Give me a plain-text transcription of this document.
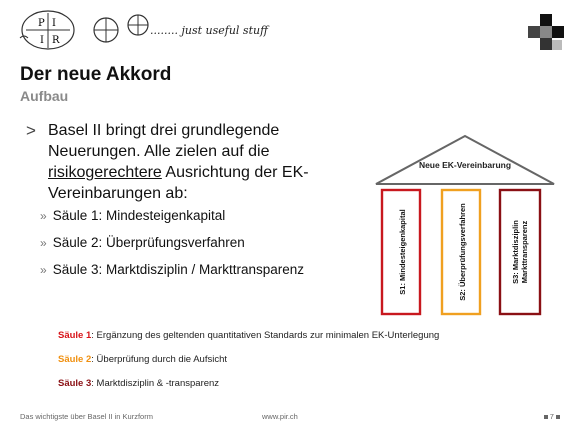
P I
I R
........ just useful stuff
Der neue Akkord
Aufbau
> Basel II bringt drei grundlegende Neuerungen. Alle zielen auf die risikogerechtere Ausrichtung der EK-Vereinbarungen ab:
» Säule 1: Mindesteigenkapital
» Säule 2: Überprüfungsverfahren
» Säule 3: Marktdisziplin / Markttransparenz
Neue EK-Vereinbarung
S1: Mindesteigenkapital	S2: Überprüfungsverfahren	S3: Marktdisziplin Markttransparenz
Säule 1: Ergänzung des geltenden quantitativen Standards zur minimalen EK-Unterlegung
Säule 2: Überprüfung durch die Aufsicht
Säule 3: Marktdisziplin & -transparenz
Das wichtigste über Basel II in Kurzform	www.pir.ch	7
